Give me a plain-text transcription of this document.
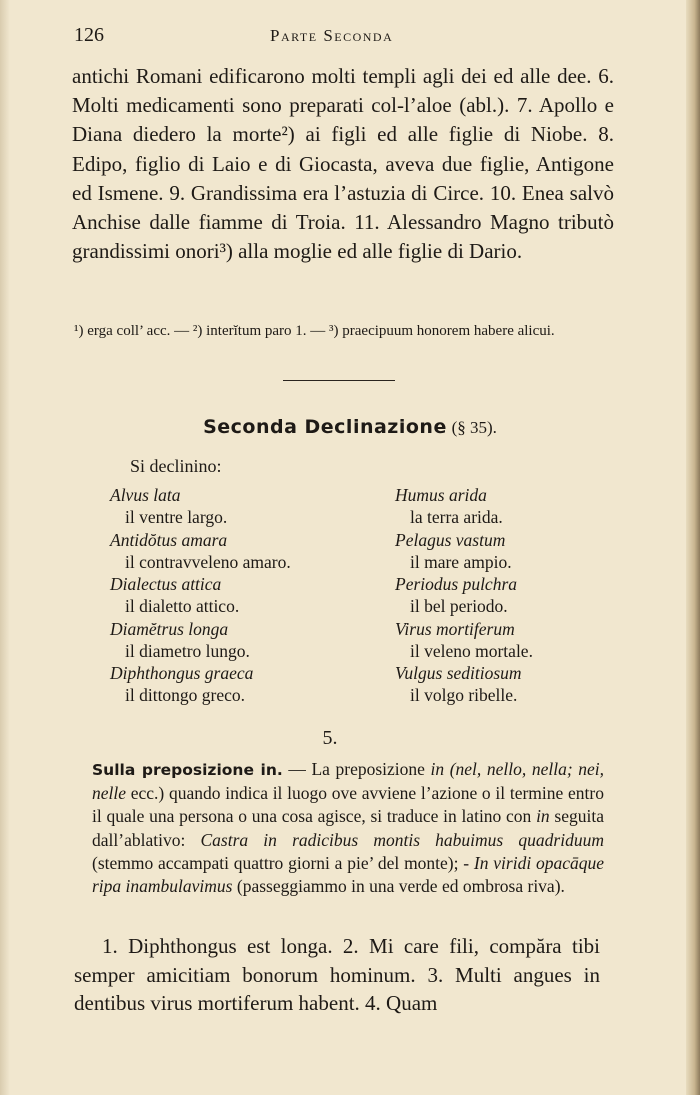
126	Parte Seconda

antichi Romani edificarono molti templi agli dei ed alle dee. 6. Molti medicamenti sono preparati col-l’aloe (abl.). 7. Apollo e Diana diedero la morte²) ai figli ed alle figlie di Niobe. 8. Edipo, figlio di Laio e di Giocasta, aveva due figlie, Antigone ed Ismene. 9. Grandissima era l’astuzia di Circe. 10. Enea salvò Anchise dalle fiamme di Troia. 11. Alessandro Magno tributò grandissimi onori³) alla moglie ed alle figlie di Dario.

¹) erga coll’ acc. — ²) interĭtum paro 1. — ³) praecipuum honorem habere alicui.
Seconda Declinazione (§ 35).
Si declinino:
Alvus lata
il ventre largo.
Antidŏtus amara
il contravveleno amaro.
Dialectus attica
il dialetto attico.
Diamĕtrus longa
il diametro lungo.
Diphthongus graeca
il dittongo greco.
Humus arida
la terra arida.
Pelagus vastum
il mare ampio.
Periodus pulchra
il bel periodo.
Virus mortiferum
il veleno mortale.
Vulgus seditiosum
il volgo ribelle.
5.
Sulla preposizione in. — La preposizione in (nel, nello, nella; nei, nelle ecc.) quando indica il luogo ove avviene l’azione o il termine entro il quale una persona o una cosa agisce, si traduce in latino con in seguita dall’ablativo: Castra in radicibus montis habuimus quadriduum (stemmo accampati quattro giorni a pie’ del monte); - In viridi opacāque ripa inambulavimus (passeggiammo in una verde ed ombrosa riva).

1. Diphthongus est longa. 2. Mi care fili, compăra tibi semper amicitiam bonorum hominum. 3. Multi angues in dentibus virus mortiferum habent. 4. Quam
